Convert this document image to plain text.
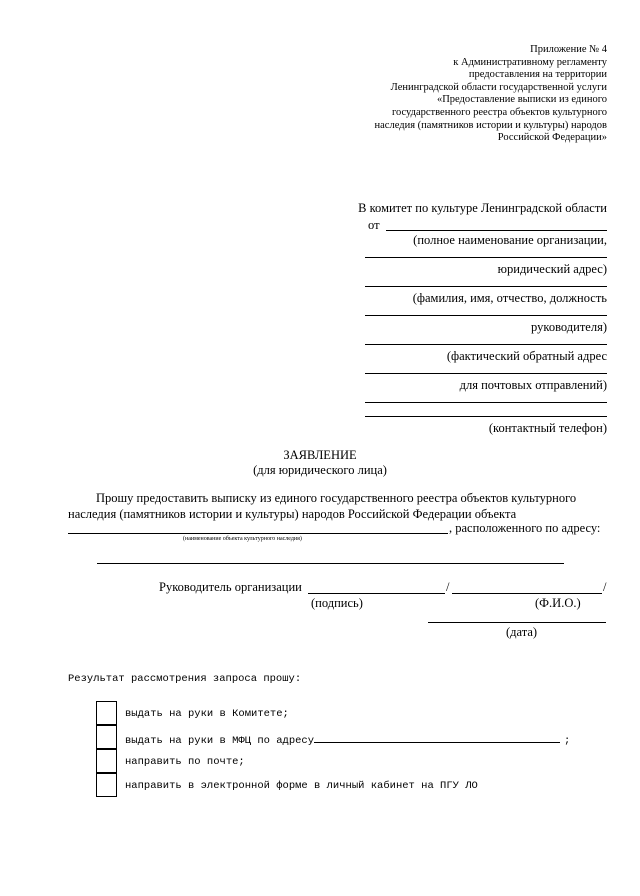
Приложение № 4
к Административному регламенту
предоставления на территории
Ленинградской области государственной услуги
«Предоставление выписки из единого
государственного реестра объектов культурного
наследия (памятников истории и культуры) народов
Российской Федерации»
В комитет по культуре Ленинградской области
от
(полное наименование организации,
юридический адрес)
(фамилия, имя, отчество, должность
руководителя)
(фактический обратный адрес
для почтовых отправлений)
(контактный телефон)
ЗАЯВЛЕНИЕ
(для юридического лица)
Прошу предоставить выписку из единого государственного реестра объектов культурного
наследия (памятников истории и культуры) народов Российской Федерации объекта
, расположенного по адресу:
(наименование объекта культурного наследия)
Руководитель организации	/	/
(подпись)	(Ф.И.О.)
(дата)
Результат рассмотрения запроса прошу:
выдать на руки в Комитете;
выдать на руки в МФЦ по адресу	;
направить по почте;
направить в электронной форме в личный кабинет на ПГУ ЛО
